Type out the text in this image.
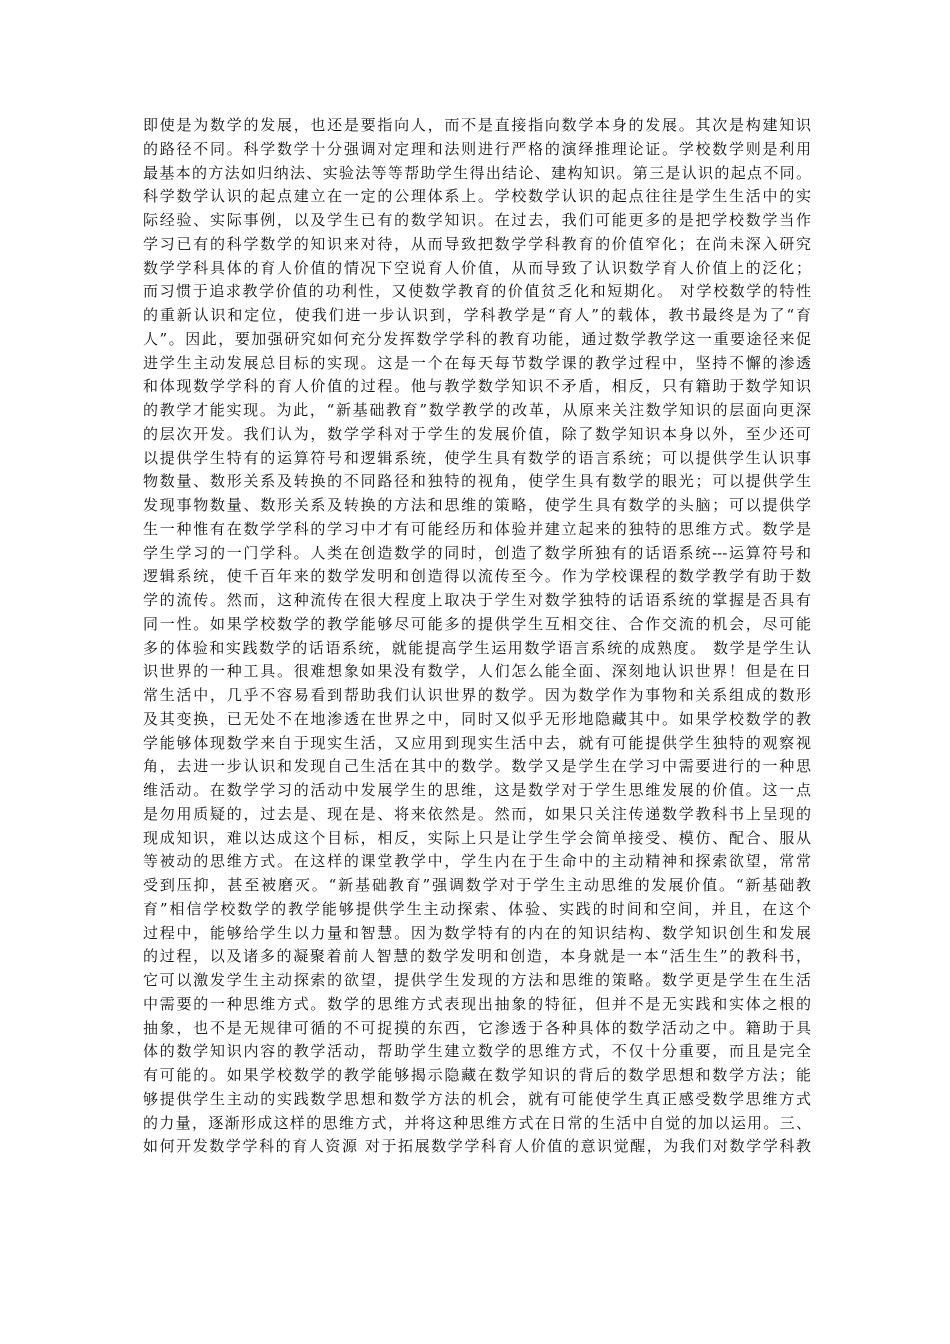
即使是为数学的发展，也还是要指向人，而不是直接指向数学本身的发展。其次是构建知识
的路径不同。科学数学十分强调对定理和法则进行严格的演绎推理论证。学校数学则是利用
最基本的方法如归纳法、实验法等等帮助学生得出结论、建构知识。第三是认识的起点不同。
科学数学认识的起点建立在一定的公理体系上。学校数学认识的起点往往是学生生活中的实
际经验、实际事例，以及学生已有的数学知识。在过去，我们可能更多的是把学校数学当作
学习已有的科学数学的知识来对待，从而导致把数学学科教育的价值窄化；在尚未深入研究
数学学科具体的育人价值的情况下空说育人价值，从而导致了认识数学育人价值上的泛化；
而习惯于追求教学价值的功利性，又使数学教育的价值贫乏化和短期化。 对学校数学的特性
的重新认识和定位，使我们进一步认识到，学科教学是“育人”的载体，教书最终是为了“育
人”。因此，要加强研究如何充分发挥数学学科的教育功能，通过数学教学这一重要途径来促
进学生主动发展总目标的实现。这是一个在每天每节数学课的教学过程中，坚持不懈的渗透
和体现数学学科的育人价值的过程。他与教学数学知识不矛盾，相反，只有籍助于数学知识
的教学才能实现。为此，“新基础教育”数学教学的改革，从原来关注数学知识的层面向更深
的层次开发。我们认为，数学学科对于学生的发展价值，除了数学知识本身以外，至少还可
以提供学生特有的运算符号和逻辑系统，使学生具有数学的语言系统；可以提供学生认识事
物数量、数形关系及转换的不同路径和独特的视角，使学生具有数学的眼光；可以提供学生
发现事物数量、数形关系及转换的方法和思维的策略，使学生具有数学的头脑；可以提供学
生一种惟有在数学学科的学习中才有可能经历和体验并建立起来的独特的思维方式。数学是
学生学习的一门学科。人类在创造数学的同时，创造了数学所独有的话语系统---运算符号和
逻辑系统，使千百年来的数学发明和创造得以流传至今。作为学校课程的数学教学有助于数
学的流传。然而，这种流传在很大程度上取决于学生对数学独特的话语系统的掌握是否具有
同一性。如果学校数学的教学能够尽可能多的提供学生互相交往、合作交流的机会，尽可能
多的体验和实践数学的话语系统，就能提高学生运用数学语言系统的成熟度。 数学是学生认
识世界的一种工具。很难想象如果没有数学，人们怎么能全面、深刻地认识世界！但是在日
常生活中，几乎不容易看到帮助我们认识世界的数学。因为数学作为事物和关系组成的数形
及其变换，已无处不在地渗透在世界之中，同时又似乎无形地隐藏其中。如果学校数学的教
学能够体现数学来自于现实生活，又应用到现实生活中去，就有可能提供学生独特的观察视
角，去进一步认识和发现自己生活在其中的数学。数学又是学生在学习中需要进行的一种思
维活动。在数学学习的活动中发展学生的思维，这是数学对于学生思维发展的价值。这一点
是勿用质疑的，过去是、现在是、将来依然是。然而，如果只关注传递数学教科书上呈现的
现成知识，难以达成这个目标，相反，实际上只是让学生学会简单接受、模仿、配合、服从
等被动的思维方式。在这样的课堂教学中，学生内在于生命中的主动精神和探索欲望，常常
受到压抑，甚至被磨灭。“新基础教育”强调数学对于学生主动思维的发展价值。“新基础教
育”相信学校数学的教学能够提供学生主动探索、体验、实践的时间和空间，并且，在这个
过程中，能够给学生以力量和智慧。因为数学特有的内在的知识结构、数学知识创生和发展
的过程，以及诸多的凝聚着前人智慧的数学发明和创造，本身就是一本“活生生”的教科书，
它可以激发学生主动探索的欲望，提供学生发现的方法和思维的策略。数学更是学生在生活
中需要的一种思维方式。数学的思维方式表现出抽象的特征，但并不是无实践和实体之根的
抽象，也不是无规律可循的不可捉摸的东西，它渗透于各种具体的数学活动之中。籍助于具
体的数学知识内容的教学活动，帮助学生建立数学的思维方式，不仅十分重要，而且是完全
有可能的。如果学校数学的教学能够揭示隐藏在数学知识的背后的数学思想和数学方法；能
够提供学生主动的实践数学思想和数学方法的机会，就有可能使学生真正感受数学思维方式
的力量，逐渐形成这样的思维方式，并将这种思维方式在日常的生活中自觉的加以运用。三、
如何开发数学学科的育人资源 对于拓展数学学科育人价值的意识觉醒，为我们对数学学科教
